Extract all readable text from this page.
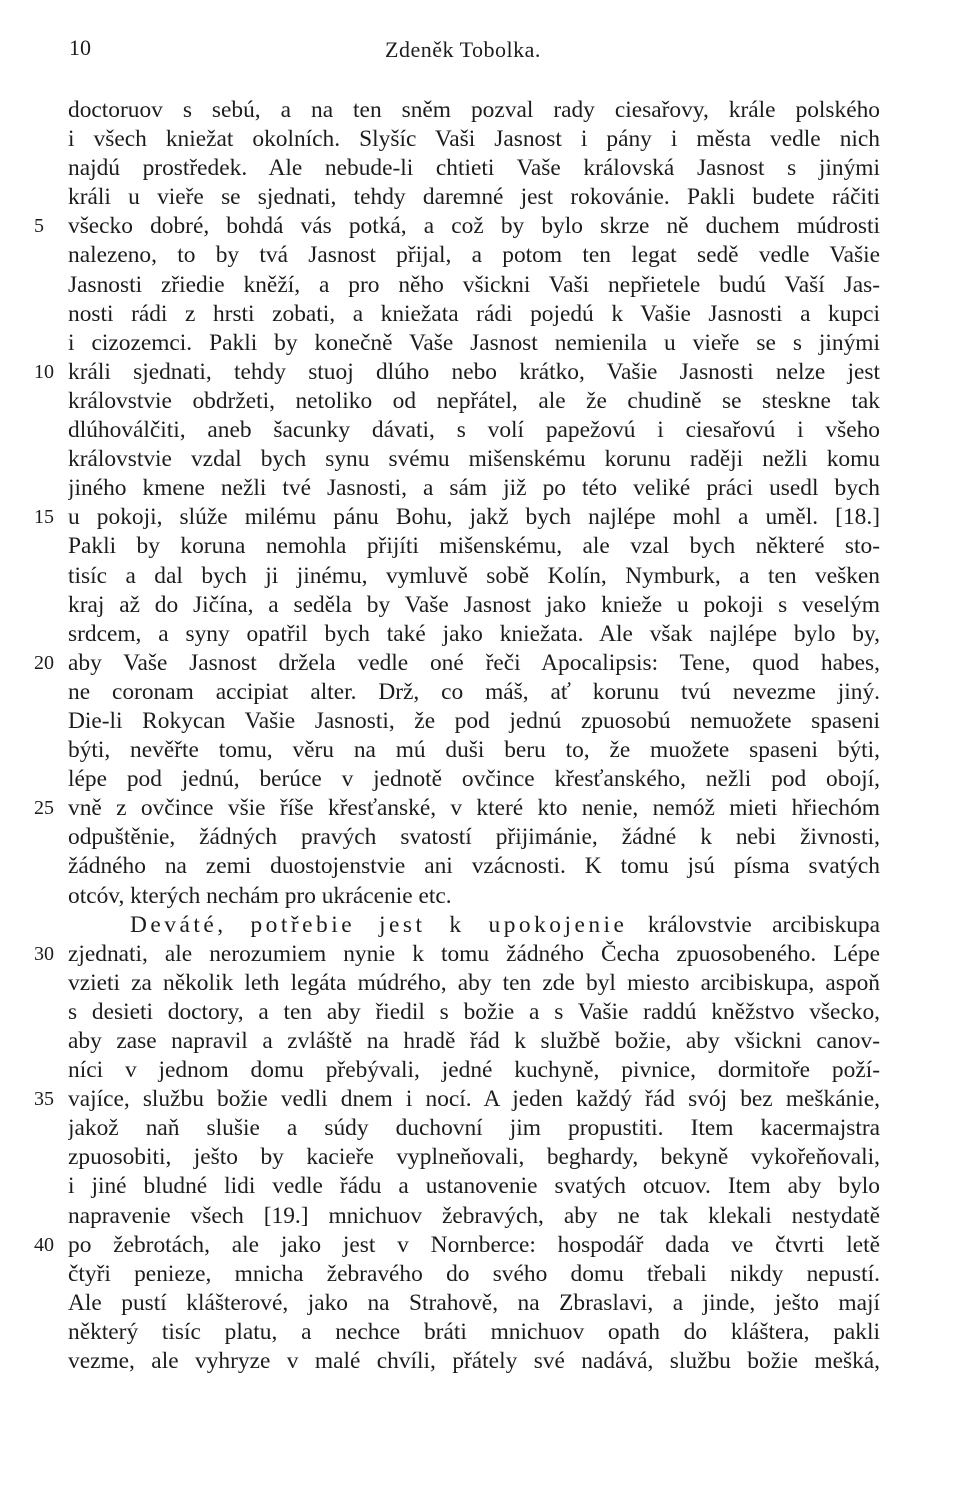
10	Zdeněk Tobolka.
doctoruov s sebú, a na ten sněm pozval rady ciesařovy, krále polského
i všech kniežat okolních. Slyšíc Vaši Jasnost i pány i města vedle nich
najdú prostředek. Ale nebude-li chtieti Vaše královská Jasnost s jinými
králi u vieře se sjednati, tehdy daremné jest rokovánie. Pakli budete ráčiti
5	všecko dobré, bohdá vás potká, a což by bylo skrze ně duchem múdrosti
nalezeno, to by tvá Jasnost přijal, a potom ten legat sedě vedle Vašie
Jasnosti zřiedie kněží, a pro něho všickni Vaši nepřietele budú Vaší Jas-
nosti rádi z hrsti zobati, a kniežata rádi pojedú k Vašie Jasnosti a kupci
i cizozemci. Pakli by konečně Vaše Jasnost nemienila u vieře se s jinými
10 králi sjednati, tehdy stuoj dlúho nebo krátko, Vašie Jasnosti nelze jest
královstvie obdržeti, netoliko od nepřátel, ale že chudině se steskne tak
dlúhoválčiti, aneb šacunky dávati, s volí papežovú i ciesařovú i všeho
královstvie vzdal bych synu svému mišenskému korunu raději nežli komu
jiného kmene nežli tvé Jasnosti, a sám již po této veliké práci usedl bych
15 u pokoji, slúže milému pánu Bohu, jakž bych najlépe mohl a uměl. [18.]
Pakli by koruna nemohla přijíti mišenskému, ale vzal bych některé sto-
tisíc a dal bych ji jinému, vymluvě sobě Kolín, Nymburk, a ten vešken
kraj až do Jičína, a seděla by Vaše Jasnost jako knieže u pokoji s veselým
srdcem, a syny opatřil bych také jako kniežata. Ale však najlépe bylo by,
20 aby Vaše Jasnost držela vedle oné řeči Apocalipsis: Tene, quod habes,
ne coronam accipiat alter. Drž, co máš, ať korunu tvú nevezme jiný.
Die-li Rokycan Vašie Jasnosti, že pod jednú zpuosobú nemuožete spaseni
býti, nevěřte tomu, věru na mú duši beru to, že muožete spaseni býti,
lépe pod jednú, berúce v jednotě ovčince křesťanského, nežli pod obojí,
25 vně z ovčince všie říše křesťanské, v které kto nenie, nemóž mieti hřiechóm
odpuštěnie, žádných pravých svatostí přijimánie, žádné k nebi živnosti,
žádného na zemi duostojenstvie ani vzácnosti. K tomu jsú písma svatých
otcóv, kterých nechám pro ukrácenie etc.
Deváté, potřebie jest k upokojenie královstvie arcibiskupa
30 zjednati, ale nerozumiem nynie k tomu žádného Čecha zpuosobeného. Lépe
vzieti za několik leth legáta múdrého, aby ten zde byl miesto arcibiskupa, aspoň
s desieti doctory, a ten aby řiedil s božie a s Vašie raddú kněžstvo všecko,
aby zase napravil a zvláště na hradě řád k službě božie, aby všickni canov-
níci v jednom domu přebývali, jedné kuchyně, pivnice, dormitoře poží-
35 vajíce, službu božie vedli dnem i nocí. A jeden každý řád svój bez meškánie,
jakož naň slušie a súdy duchovní jim propustiti. Item kacermajstra
zpuosobiti, ješto by kacieře vyplneňovali, beghardy, bekyně vykořeňovali,
i jiné bludné lidi vedle řádu a ustanovenie svatých otcuov. Item aby bylo
napravenie všech [19.] mnichuov žebravých, aby ne tak klekali nestydatě
40 po žebrotách, ale jako jest v Nornberce: hospodář dada ve čtvrti letě
čtyři penieze, mnicha žebravého do svého domu třebali nikdy nepustí.
Ale pustí klášterové, jako na Strahově, na Zbraslavi, a jinde, ješto mají
některý tisíc platu, a nechce bráti mnichuov opath do kláštera, pakli
vezme, ale vyhryze v malé chvíli, přátely své nadává, službu božie mešká,
